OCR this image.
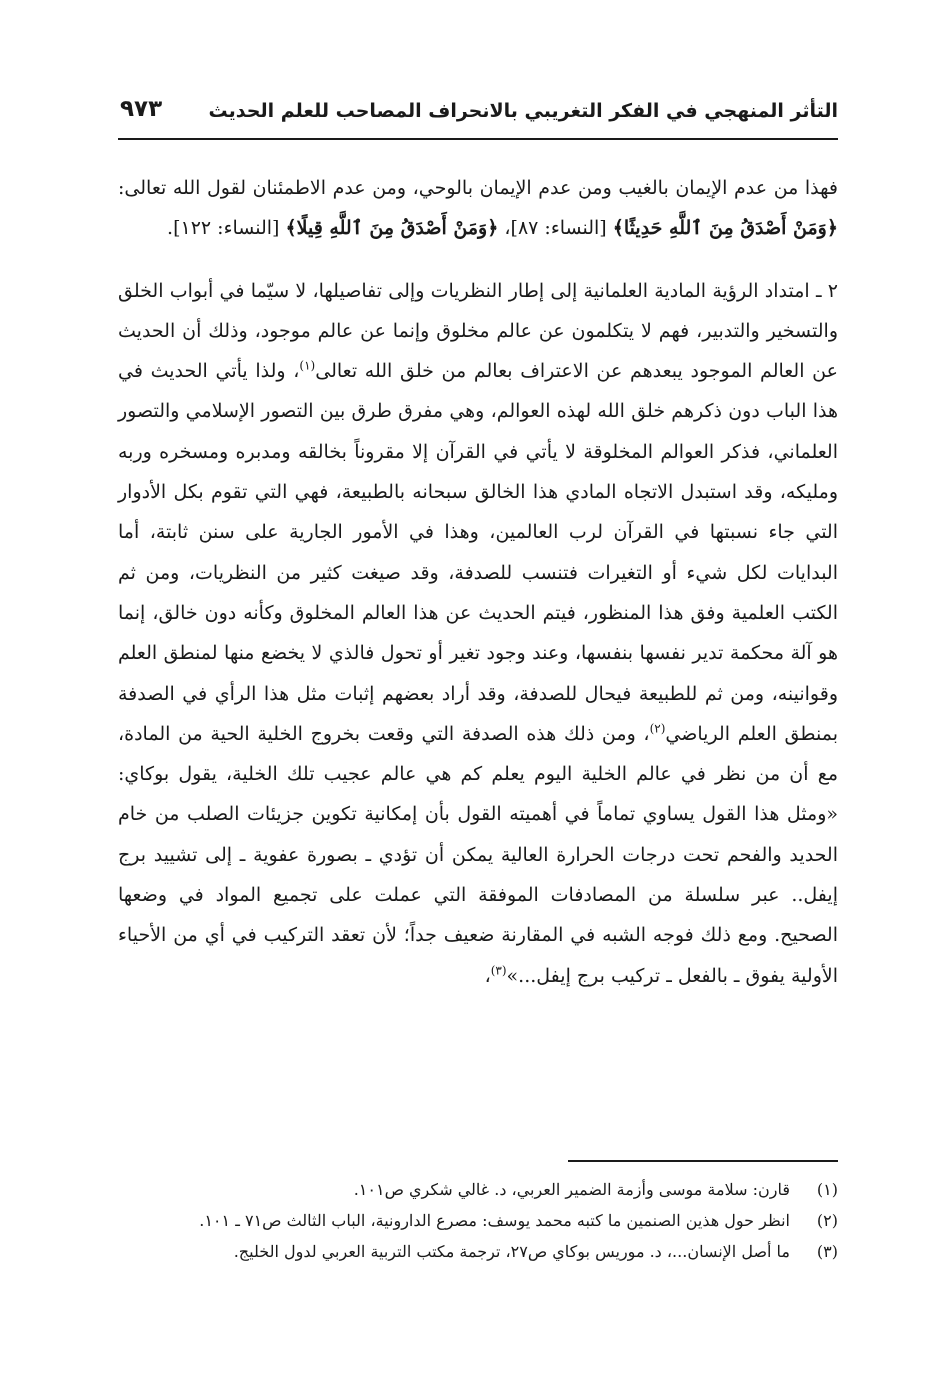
التأثر المنهجي في الفكر التغريبي بالانحراف المصاحب للعلم الحديث
٩٧٣

فهذا من عدم الإيمان بالغيب ومن عدم الإيمان بالوحي، ومن عدم الاطمئنان لقول الله تعالى: ﴿وَمَنْ أَصْدَقُ مِنَ ٱللَّهِ حَدِيثًا﴾ [النساء: ٨٧]، ﴿وَمَنْ أَصْدَقُ مِنَ ٱللَّهِ قِيلًا﴾ [النساء: ١٢٢].

٢ ـ امتداد الرؤية المادية العلمانية إلى إطار النظريات وإلى تفاصيلها، لا سيّما في أبواب الخلق والتسخير والتدبير، فهم لا يتكلمون عن عالم مخلوق وإنما عن عالم موجود، وذلك أن الحديث عن العالم الموجود يبعدهم عن الاعتراف بعالم من خلق الله تعالى$^{(١)}$، ولذا يأتي الحديث في هذا الباب دون ذكرهم خلق الله لهذه العوالم، وهي مفرق طرق بين التصور الإسلامي والتصور العلماني، فذكر العوالم المخلوقة لا يأتي في القرآن إلا مقروناً بخالقه ومدبره ومسخره وربه ومليكه، وقد استبدل الاتجاه المادي هذا الخالق سبحانه بالطبيعة، فهي التي تقوم بكل الأدوار التي جاء نسبتها في القرآن لرب العالمين، وهذا في الأمور الجارية على سنن ثابتة، أما البدايات لكل شيء أو التغيرات فتنسب للصدفة، وقد صيغت كثير من النظريات، ومن ثم الكتب العلمية وفق هذا المنظور، فيتم الحديث عن هذا العالم المخلوق وكأنه دون خالق، إنما هو آلة محكمة تدير نفسها بنفسها، وعند وجود تغير أو تحول فالذي لا يخضع منها لمنطق العلم وقوانينه، ومن ثم للطبيعة فيحال للصدفة، وقد أراد بعضهم إثبات مثل هذا الرأي في الصدفة بمنطق العلم الرياضي$^{(٢)}$، ومن ذلك هذه الصدفة التي وقعت بخروج الخلية الحية من المادة، مع أن من نظر في عالم الخلية اليوم يعلم كم هي عالم عجيب تلك الخلية، يقول بوكاي: «ومثل هذا القول يساوي تماماً في أهميته القول بأن إمكانية تكوين جزيئات الصلب من خام الحديد والفحم تحت درجات الحرارة العالية يمكن أن تؤدي ـ بصورة عفوية ـ إلى تشييد برج إيفل.. عبر سلسلة من المصادفات الموفقة التي عملت على تجميع المواد في وضعها الصحيح. ومع ذلك فوجه الشبه في المقارنة ضعيف جداً؛ لأن تعقد التركيب في أي من الأحياء الأولية يفوق ـ بالفعل ـ تركيب برج إيفل...»$^{(٣)}$،

(١)
قارن: سلامة موسى وأزمة الضمير العربي، د. غالي شكري ص١٠١.
(٢)
انظر حول هذين الصنمين ما كتبه محمد يوسف: مصرع الدارونية، الباب الثالث ص٧١ ـ ١٠١.
(٣)
ما أصل الإنسان...، د. موريس بوكاي ص٢٧، ترجمة مكتب التربية العربي لدول الخليج.
